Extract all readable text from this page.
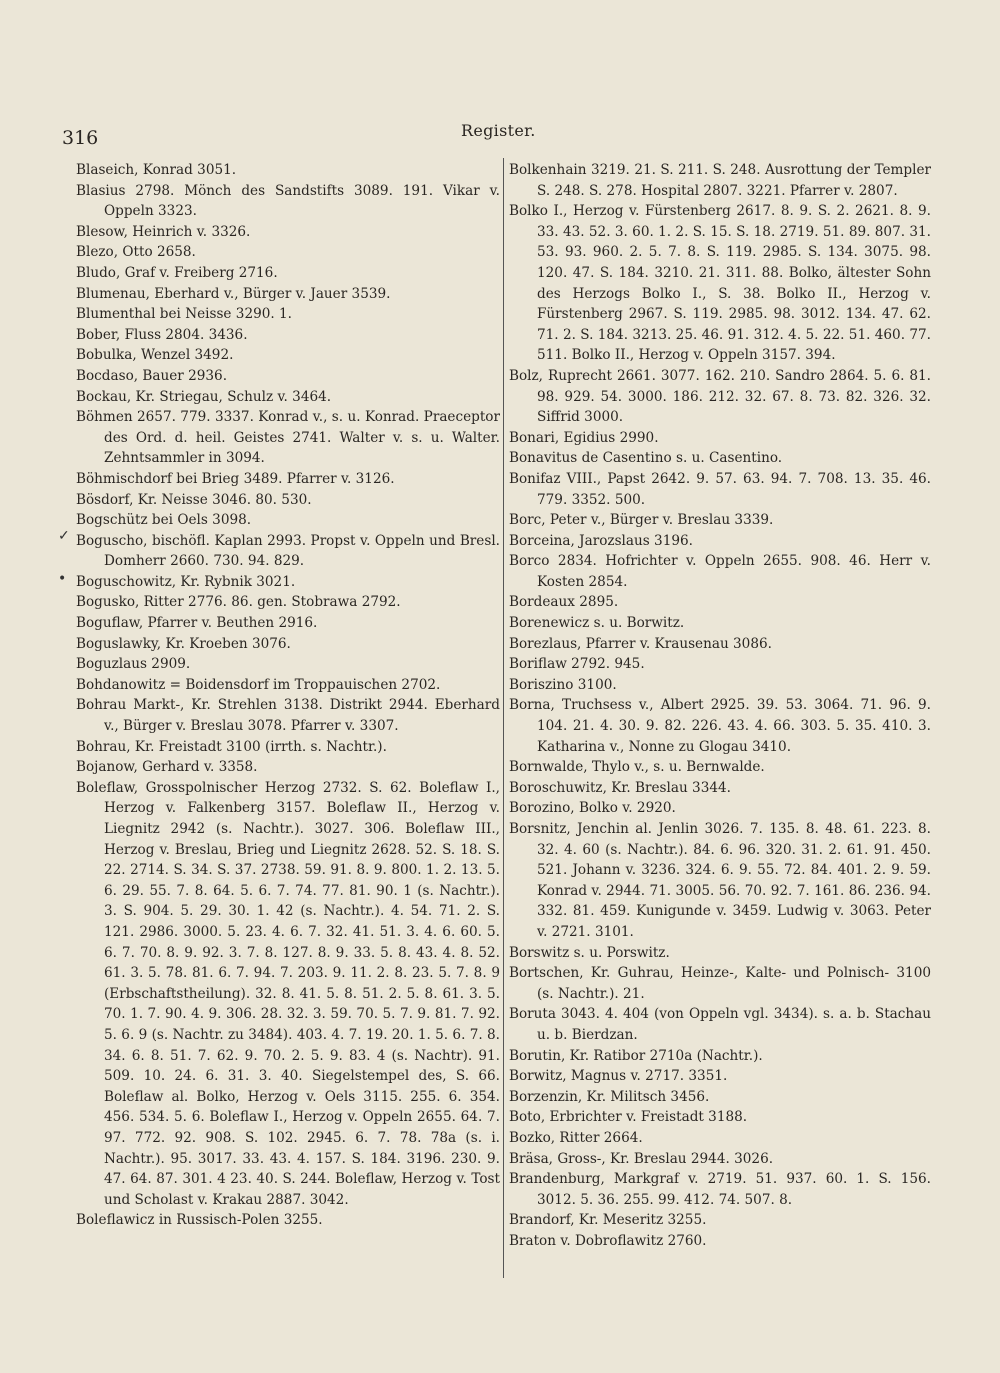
316	Register.
✓
•
Blaseich, Konrad 3051.
Blasius 2798. Mönch des Sandstifts 3089. 191. Vikar v. Oppeln 3323.
Blesow, Heinrich v. 3326.
Blezo, Otto 2658.
Bludo, Graf v. Freiberg 2716.
Blumenau, Eberhard v., Bürger v. Jauer 3539.
Blumenthal bei Neisse 3290. 1.
Bober, Fluss 2804. 3436.
Bobulka, Wenzel 3492.
Bocdaso, Bauer 2936.
Bockau, Kr. Striegau, Schulz v. 3464.
Böhmen 2657. 779. 3337. Konrad v., s. u. Konrad. Praeceptor des Ord. d. heil. Geistes 2741. Walter v. s. u. Walter. Zehntsammler in 3094.
Böhmischdorf bei Brieg 3489. Pfarrer v. 3126.
Bösdorf, Kr. Neisse 3046. 80. 530.
Bogschütz bei Oels 3098.
Boguscho, bischöfl. Kaplan 2993. Propst v. Oppeln und Bresl. Domherr 2660. 730. 94. 829.
Boguschowitz, Kr. Rybnik 3021.
Bogusko, Ritter 2776. 86. gen. Stobrawa 2792.
Boguflaw, Pfarrer v. Beuthen 2916.
Boguslawky, Kr. Kroeben 3076.
Boguzlaus 2909.
Bohdanowitz = Boidensdorf im Troppauischen 2702.
Bohrau Markt-, Kr. Strehlen 3138. Distrikt 2944. Eberhard v., Bürger v. Breslau 3078. Pfarrer v. 3307.
Bohrau, Kr. Freistadt 3100 (irrth. s. Nachtr.).
Bojanow, Gerhard v. 3358.
Boleflaw, Grosspolnischer Herzog 2732. S. 62. Boleflaw I., Herzog v. Falkenberg 3157. Boleflaw II., Herzog v. Liegnitz 2942 (s. Nachtr.). 3027. 306. Boleflaw III., Herzog v. Breslau, Brieg und Liegnitz 2628. 52. S. 18. S. 22. 2714. S. 34. S. 37. 2738. 59. 91. 8. 9. 800. 1. 2. 13. 5. 6. 29. 55. 7. 8. 64. 5. 6. 7. 74. 77. 81. 90. 1 (s. Nachtr.). 3. S. 904. 5. 29. 30. 1. 42 (s. Nachtr.). 4. 54. 71. 2. S. 121. 2986. 3000. 5. 23. 4. 6. 7. 32. 41. 51. 3. 4. 6. 60. 5. 6. 7. 70. 8. 9. 92. 3. 7. 8. 127. 8. 9. 33. 5. 8. 43. 4. 8. 52. 61. 3. 5. 78. 81. 6. 7. 94. 7. 203. 9. 11. 2. 8. 23. 5. 7. 8. 9 (Erbschaftstheilung). 32. 8. 41. 5. 8. 51. 2. 5. 8. 61. 3. 5. 70. 1. 7. 90. 4. 9. 306. 28. 32. 3. 59. 70. 5. 7. 9. 81. 7. 92. 5. 6. 9 (s. Nachtr. zu 3484). 403. 4. 7. 19. 20. 1. 5. 6. 7. 8. 34. 6. 8. 51. 7. 62. 9. 70. 2. 5. 9. 83. 4 (s. Nachtr). 91. 509. 10. 24. 6. 31. 3. 40. Siegelstempel des, S. 66. Boleflaw al. Bolko, Herzog v. Oels 3115. 255. 6. 354. 456. 534. 5. 6. Boleflaw I., Herzog v. Oppeln 2655. 64. 7. 97. 772. 92. 908. S. 102. 2945. 6. 7. 78. 78a (s. i. Nachtr.). 95. 3017. 33. 43. 4. 157. S. 184. 3196. 230. 9. 47. 64. 87. 301. 4 23. 40. S. 244. Boleflaw, Herzog v. Tost und Scholast v. Krakau 2887. 3042.
Boleflawicz in Russisch-Polen 3255.
Bolkenhain 3219. 21. S. 211. S. 248. Ausrottung der Templer S. 248. S. 278. Hospital 2807. 3221. Pfarrer v. 2807.
Bolko I., Herzog v. Fürstenberg 2617. 8. 9. S. 2. 2621. 8. 9. 33. 43. 52. 3. 60. 1. 2. S. 15. S. 18. 2719. 51. 89. 807. 31. 53. 93. 960. 2. 5. 7. 8. S. 119. 2985. S. 134. 3075. 98. 120. 47. S. 184. 3210. 21. 311. 88. Bolko, ältester Sohn des Herzogs Bolko I., S. 38. Bolko II., Herzog v. Fürstenberg 2967. S. 119. 2985. 98. 3012. 134. 47. 62. 71. 2. S. 184. 3213. 25. 46. 91. 312. 4. 5. 22. 51. 460. 77. 511. Bolko II., Herzog v. Oppeln 3157. 394.
Bolz, Ruprecht 2661. 3077. 162. 210. Sandro 2864. 5. 6. 81. 98. 929. 54. 3000. 186. 212. 32. 67. 8. 73. 82. 326. 32. Siffrid 3000.
Bonari, Egidius 2990.
Bonavitus de Casentino s. u. Casentino.
Bonifaz VIII., Papst 2642. 9. 57. 63. 94. 7. 708. 13. 35. 46. 779. 3352. 500.
Borc, Peter v., Bürger v. Breslau 3339.
Borceina, Jarozslaus 3196.
Borco 2834. Hofrichter v. Oppeln 2655. 908. 46. Herr v. Kosten 2854.
Bordeaux 2895.
Borenewicz s. u. Borwitz.
Borezlaus, Pfarrer v. Krausenau 3086.
Boriflaw 2792. 945.
Boriszino 3100.
Borna, Truchsess v., Albert 2925. 39. 53. 3064. 71. 96. 9. 104. 21. 4. 30. 9. 82. 226. 43. 4. 66. 303. 5. 35. 410. 3. Katharina v., Nonne zu Glogau 3410.
Bornwalde, Thylo v., s. u. Bernwalde.
Boroschuwitz, Kr. Breslau 3344.
Borozino, Bolko v. 2920.
Borsnitz, Jenchin al. Jenlin 3026. 7. 135. 8. 48. 61. 223. 8. 32. 4. 60 (s. Nachtr.). 84. 6. 96. 320. 31. 2. 61. 91. 450. 521. Johann v. 3236. 324. 6. 9. 55. 72. 84. 401. 2. 9. 59. Konrad v. 2944. 71. 3005. 56. 70. 92. 7. 161. 86. 236. 94. 332. 81. 459. Kunigunde v. 3459. Ludwig v. 3063. Peter v. 2721. 3101.
Borswitz s. u. Porswitz.
Bortschen, Kr. Guhrau, Heinze-, Kalte- und Polnisch- 3100 (s. Nachtr.). 21.
Boruta 3043. 4. 404 (von Oppeln vgl. 3434). s. a. b. Stachau u. b. Bierdzan.
Borutin, Kr. Ratibor 2710a (Nachtr.).
Borwitz, Magnus v. 2717. 3351.
Borzenzin, Kr. Militsch 3456.
Boto, Erbrichter v. Freistadt 3188.
Bozko, Ritter 2664.
Bräsa, Gross-, Kr. Breslau 2944. 3026.
Brandenburg, Markgraf v. 2719. 51. 937. 60. 1. S. 156. 3012. 5. 36. 255. 99. 412. 74. 507. 8.
Brandorf, Kr. Meseritz 3255.
Braton v. Dobroflawitz 2760.
